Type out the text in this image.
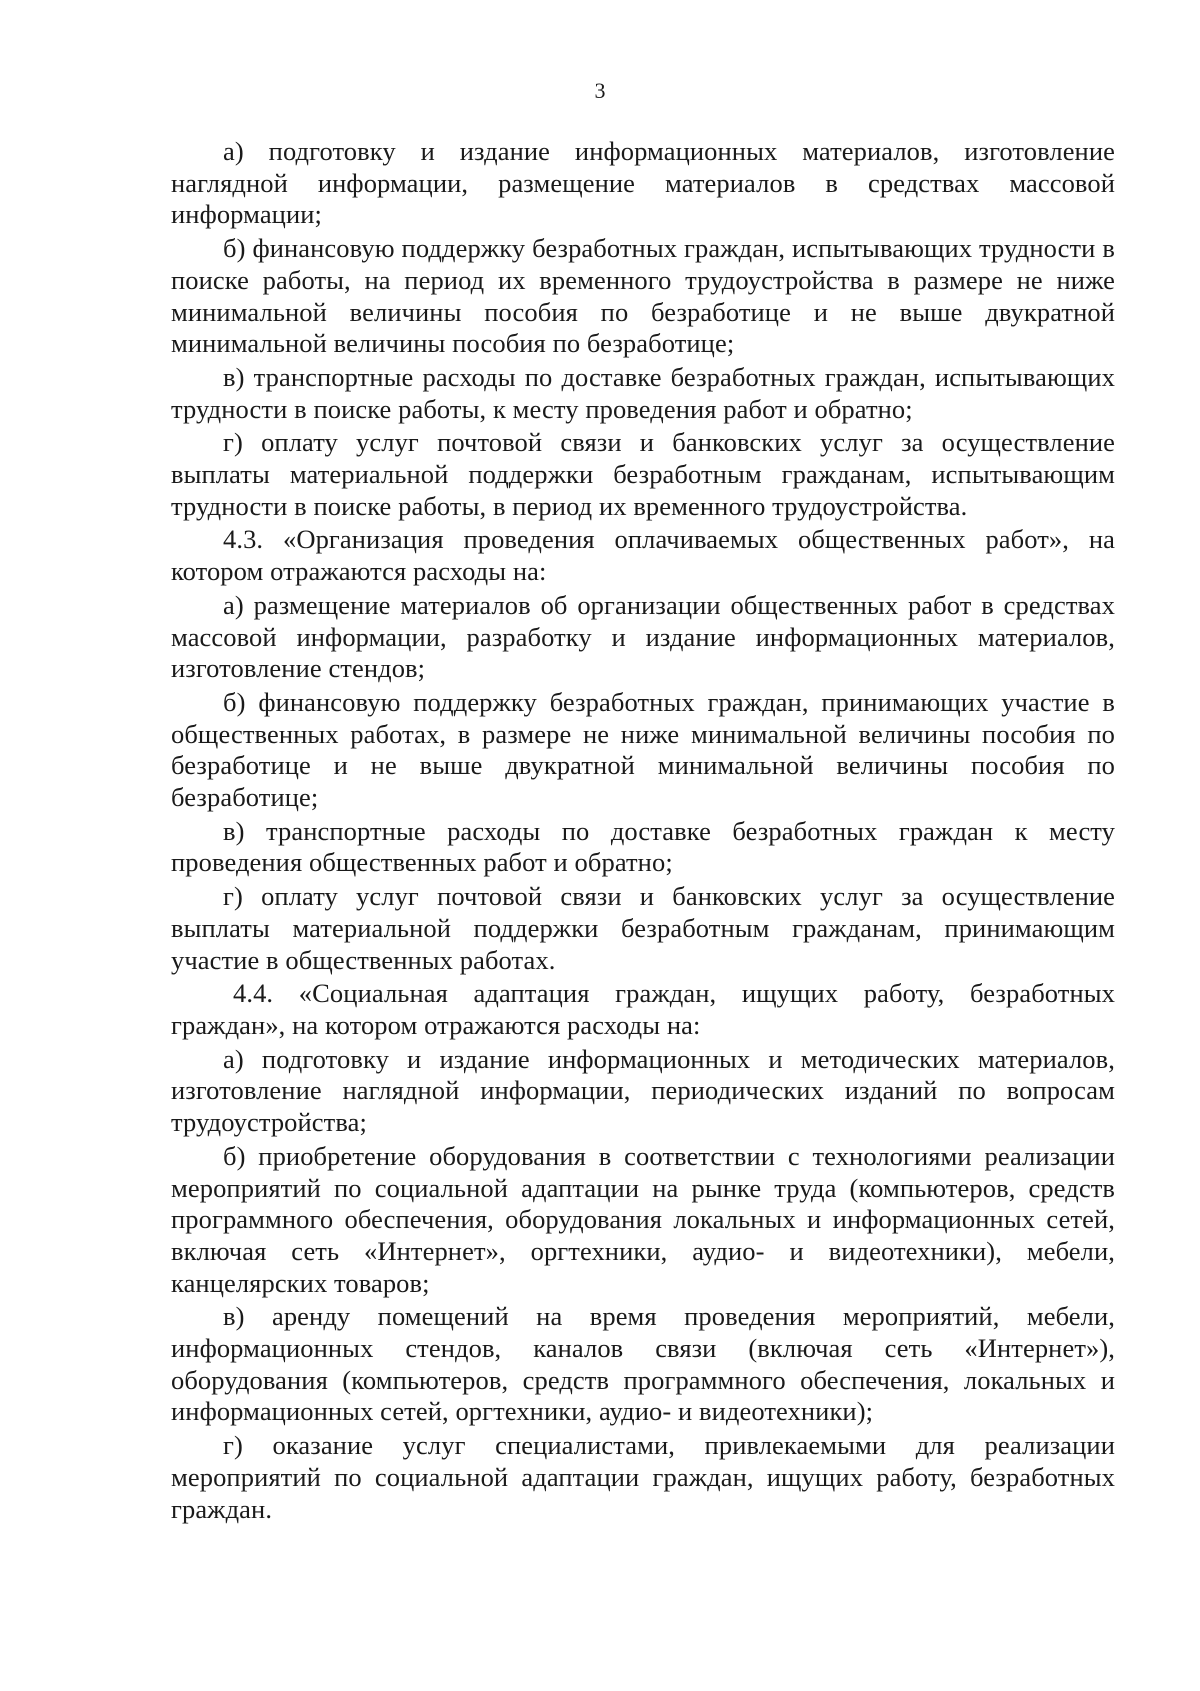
3

а) подготовку и издание информационных материалов, изготовление наглядной информации, размещение материалов в средствах массовой информации;

б) финансовую поддержку безработных граждан, испытывающих трудности в поиске работы, на период их временного трудоустройства в размере не ниже минимальной величины пособия по безработице и не выше двукратной минимальной величины пособия по безработице;

в) транспортные расходы по доставке безработных граждан, испытывающих трудности в поиске работы, к месту проведения работ и обратно;

г) оплату услуг почтовой связи и банковских услуг за осуществление выплаты материальной поддержки безработным гражданам, испытывающим трудности в поиске работы, в период их временного трудоустройства.

4.3. «Организация проведения оплачиваемых общественных работ», на котором отражаются расходы на:

а) размещение материалов об организации общественных работ в средствах массовой информации, разработку и издание информационных материалов, изготовление стендов;

б) финансовую поддержку безработных граждан, принимающих участие в общественных работах, в размере не ниже минимальной величины пособия по безработице и не выше двукратной минимальной величины пособия по безработице;

в) транспортные расходы по доставке безработных граждан к месту проведения общественных работ и обратно;

г) оплату услуг почтовой связи и банковских услуг за осуществление выплаты материальной поддержки безработным гражданам, принимающим участие в общественных работах.

4.4. «Социальная адаптация граждан, ищущих работу, безработных граждан», на котором отражаются расходы на:

а) подготовку и издание информационных и методических материалов, изготовление наглядной информации, периодических изданий по вопросам трудоустройства;

б) приобретение оборудования в соответствии с технологиями реализации мероприятий по социальной адаптации на рынке труда (компьютеров, средств программного обеспечения, оборудования локальных и информационных сетей, включая сеть «Интернет», оргтехники, аудио- и видеотехники), мебели, канцелярских товаров;

в) аренду помещений на время проведения мероприятий, мебели, информационных стендов, каналов связи (включая сеть «Интернет»), оборудования (компьютеров, средств программного обеспечения, локальных и информационных сетей, оргтехники, аудио- и видеотехники);

г) оказание услуг специалистами, привлекаемыми для реализации мероприятий по социальной адаптации граждан, ищущих работу, безработных граждан.
